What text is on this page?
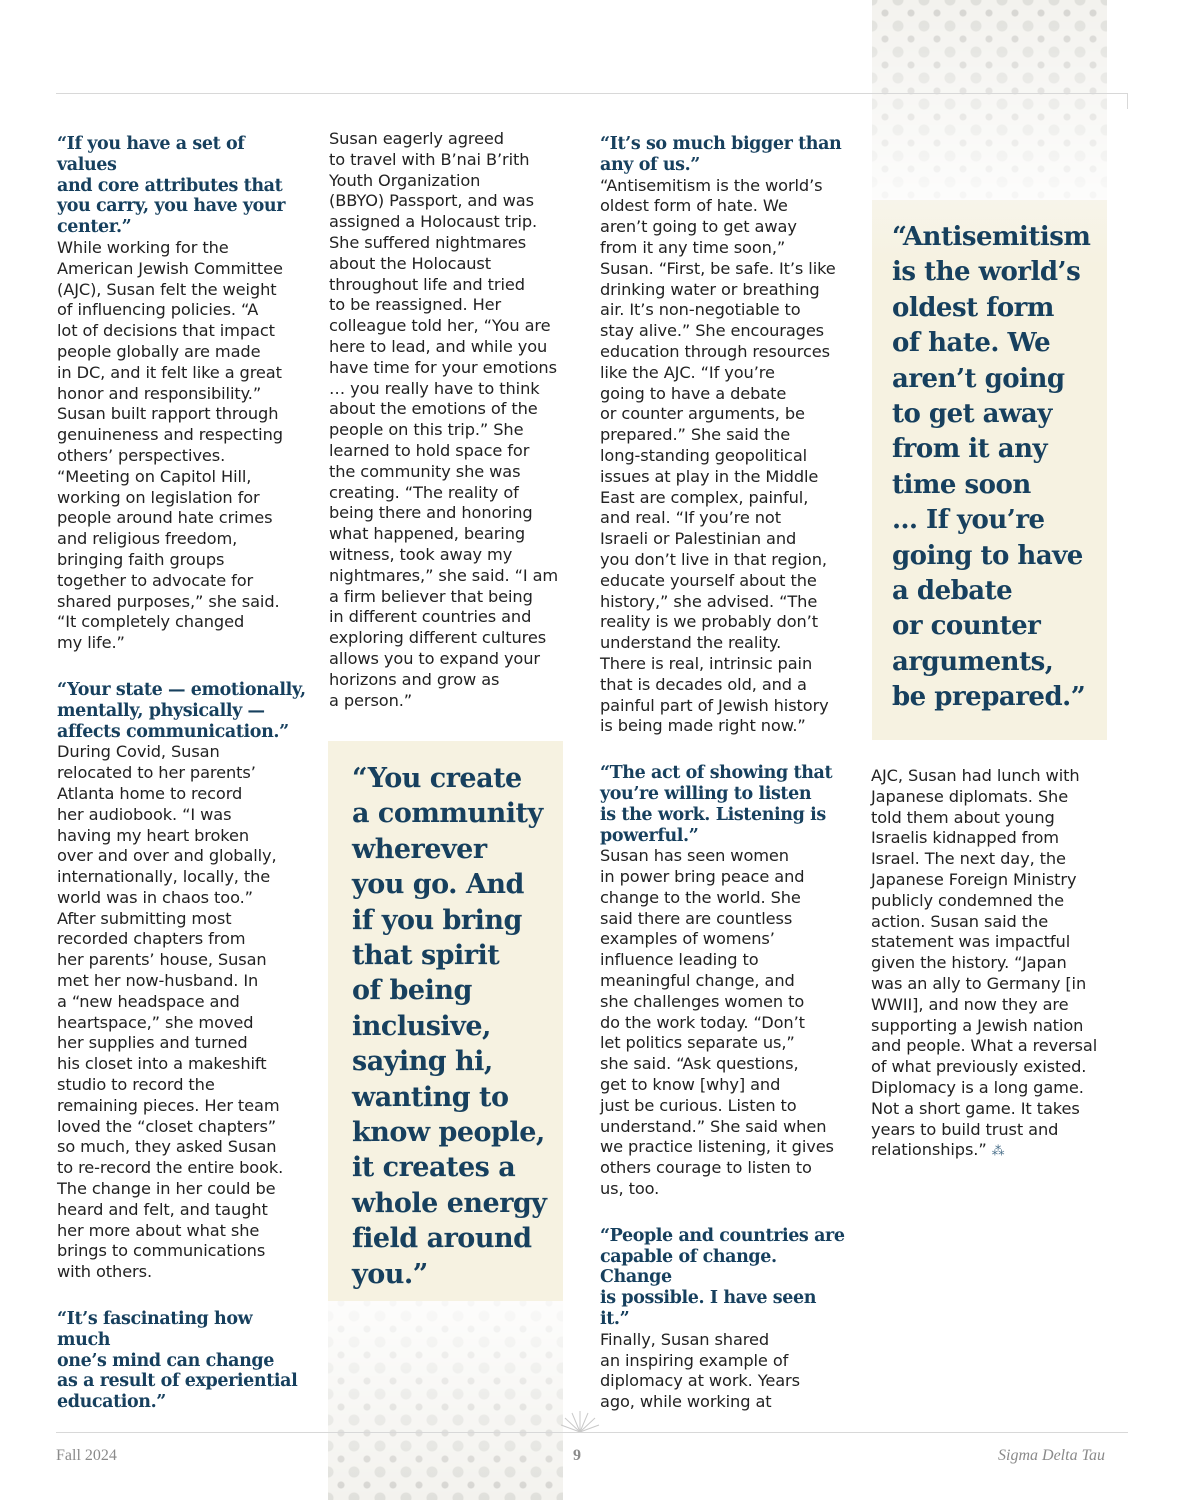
“If you have a set of values
and core attributes that
you carry, you have your
center.”

While working for the
American Jewish Committee
(AJC), Susan felt the weight
of influencing policies. “A
lot of decisions that impact
people globally are made
in DC, and it felt like a great
honor and responsibility.”
Susan built rapport through
genuineness and respecting
others’ perspectives.
“Meeting on Capitol Hill,
working on legislation for
people around hate crimes
and religious freedom,
bringing faith groups
together to advocate for
shared purposes,” she said.
“It completely changed
my life.”

“Your state — emotionally,
mentally, physically —
affects communication.”

During Covid, Susan
relocated to her parents’
Atlanta home to record
her audiobook. “I was
having my heart broken
over and over and globally,
internationally, locally, the
world was in chaos too.”
After submitting most
recorded chapters from
her parents’ house, Susan
met her now-husband. In
a “new headspace and
heartspace,” she moved
her supplies and turned
his closet into a makeshift
studio to record the
remaining pieces. Her team
loved the “closet chapters”
so much, they asked Susan
to re-record the entire book.
The change in her could be
heard and felt, and taught
her more about what she
brings to communications
with others.

“It’s fascinating how much
one’s mind can change
as a result of experiential
education.”

Susan eagerly agreed
to travel with B’nai B’rith
Youth Organization
(BBYO) Passport, and was
assigned a Holocaust trip.
She suffered nightmares
about the Holocaust
throughout life and tried
to be reassigned. Her
colleague told her, “You are
here to lead, and while you
have time for your emotions
… you really have to think
about the emotions of the
people on this trip.” She
learned to hold space for
the community she was
creating. “The reality of
being there and honoring
what happened, bearing
witness, took away my
nightmares,” she said. “I am
a firm believer that being
in different countries and
exploring different cultures
allows you to expand your
horizons and grow as
a person.”

“You create
a community
wherever
you go. And
if you bring
that spirit
of being
inclusive,
saying hi,
wanting to
know people,
it creates a
whole energy
field around
you.”

“It’s so much bigger than
any of us.”

“Antisemitism is the world’s
oldest form of hate. We
aren’t going to get away
from it any time soon,”
Susan. “First, be safe. It’s like
drinking water or breathing
air. It’s non-negotiable to
stay alive.” She encourages
education through resources
like the AJC. “If you’re
going to have a debate
or counter arguments, be
prepared.” She said the
long-standing geopolitical
issues at play in the Middle
East are complex, painful,
and real. “If you’re not
Israeli or Palestinian and
you don’t live in that region,
educate yourself about the
history,” she advised. “The
reality is we probably don’t
understand the reality.
There is real, intrinsic pain
that is decades old, and a
painful part of Jewish history
is being made right now.”

“The act of showing that
you’re willing to listen
is the work. Listening is
powerful.”

Susan has seen women
in power bring peace and
change to the world. She
said there are countless
examples of womens’
influence leading to
meaningful change, and
she challenges women to
do the work today. “Don’t
let politics separate us,”
she said. “Ask questions,
get to know [why] and
just be curious. Listen to
understand.” She said when
we practice listening, it gives
others courage to listen to
us, too.

“People and countries are
capable of change. Change
is possible. I have seen it.”

Finally, Susan shared
an inspiring example of
diplomacy at work. Years
ago, while working at

“Antisemitism
is the world’s
oldest form
of hate. We
aren’t going
to get away
from it any
time soon
… If you’re
going to have
a debate
or counter
arguments,
be prepared.”

AJC, Susan had lunch with
Japanese diplomats. She
told them about young
Israelis kidnapped from
Israel. The next day, the
Japanese Foreign Ministry
publicly condemned the
action. Susan said the
statement was impactful
given the history. “Japan
was an ally to Germany [in
WWII], and now they are
supporting a Jewish nation
and people. What a reversal
of what previously existed.
Diplomacy is a long game.
Not a short game. It takes
years to build trust and
relationships.” ⁂

Fall 2024	9	Sigma Delta Tau
